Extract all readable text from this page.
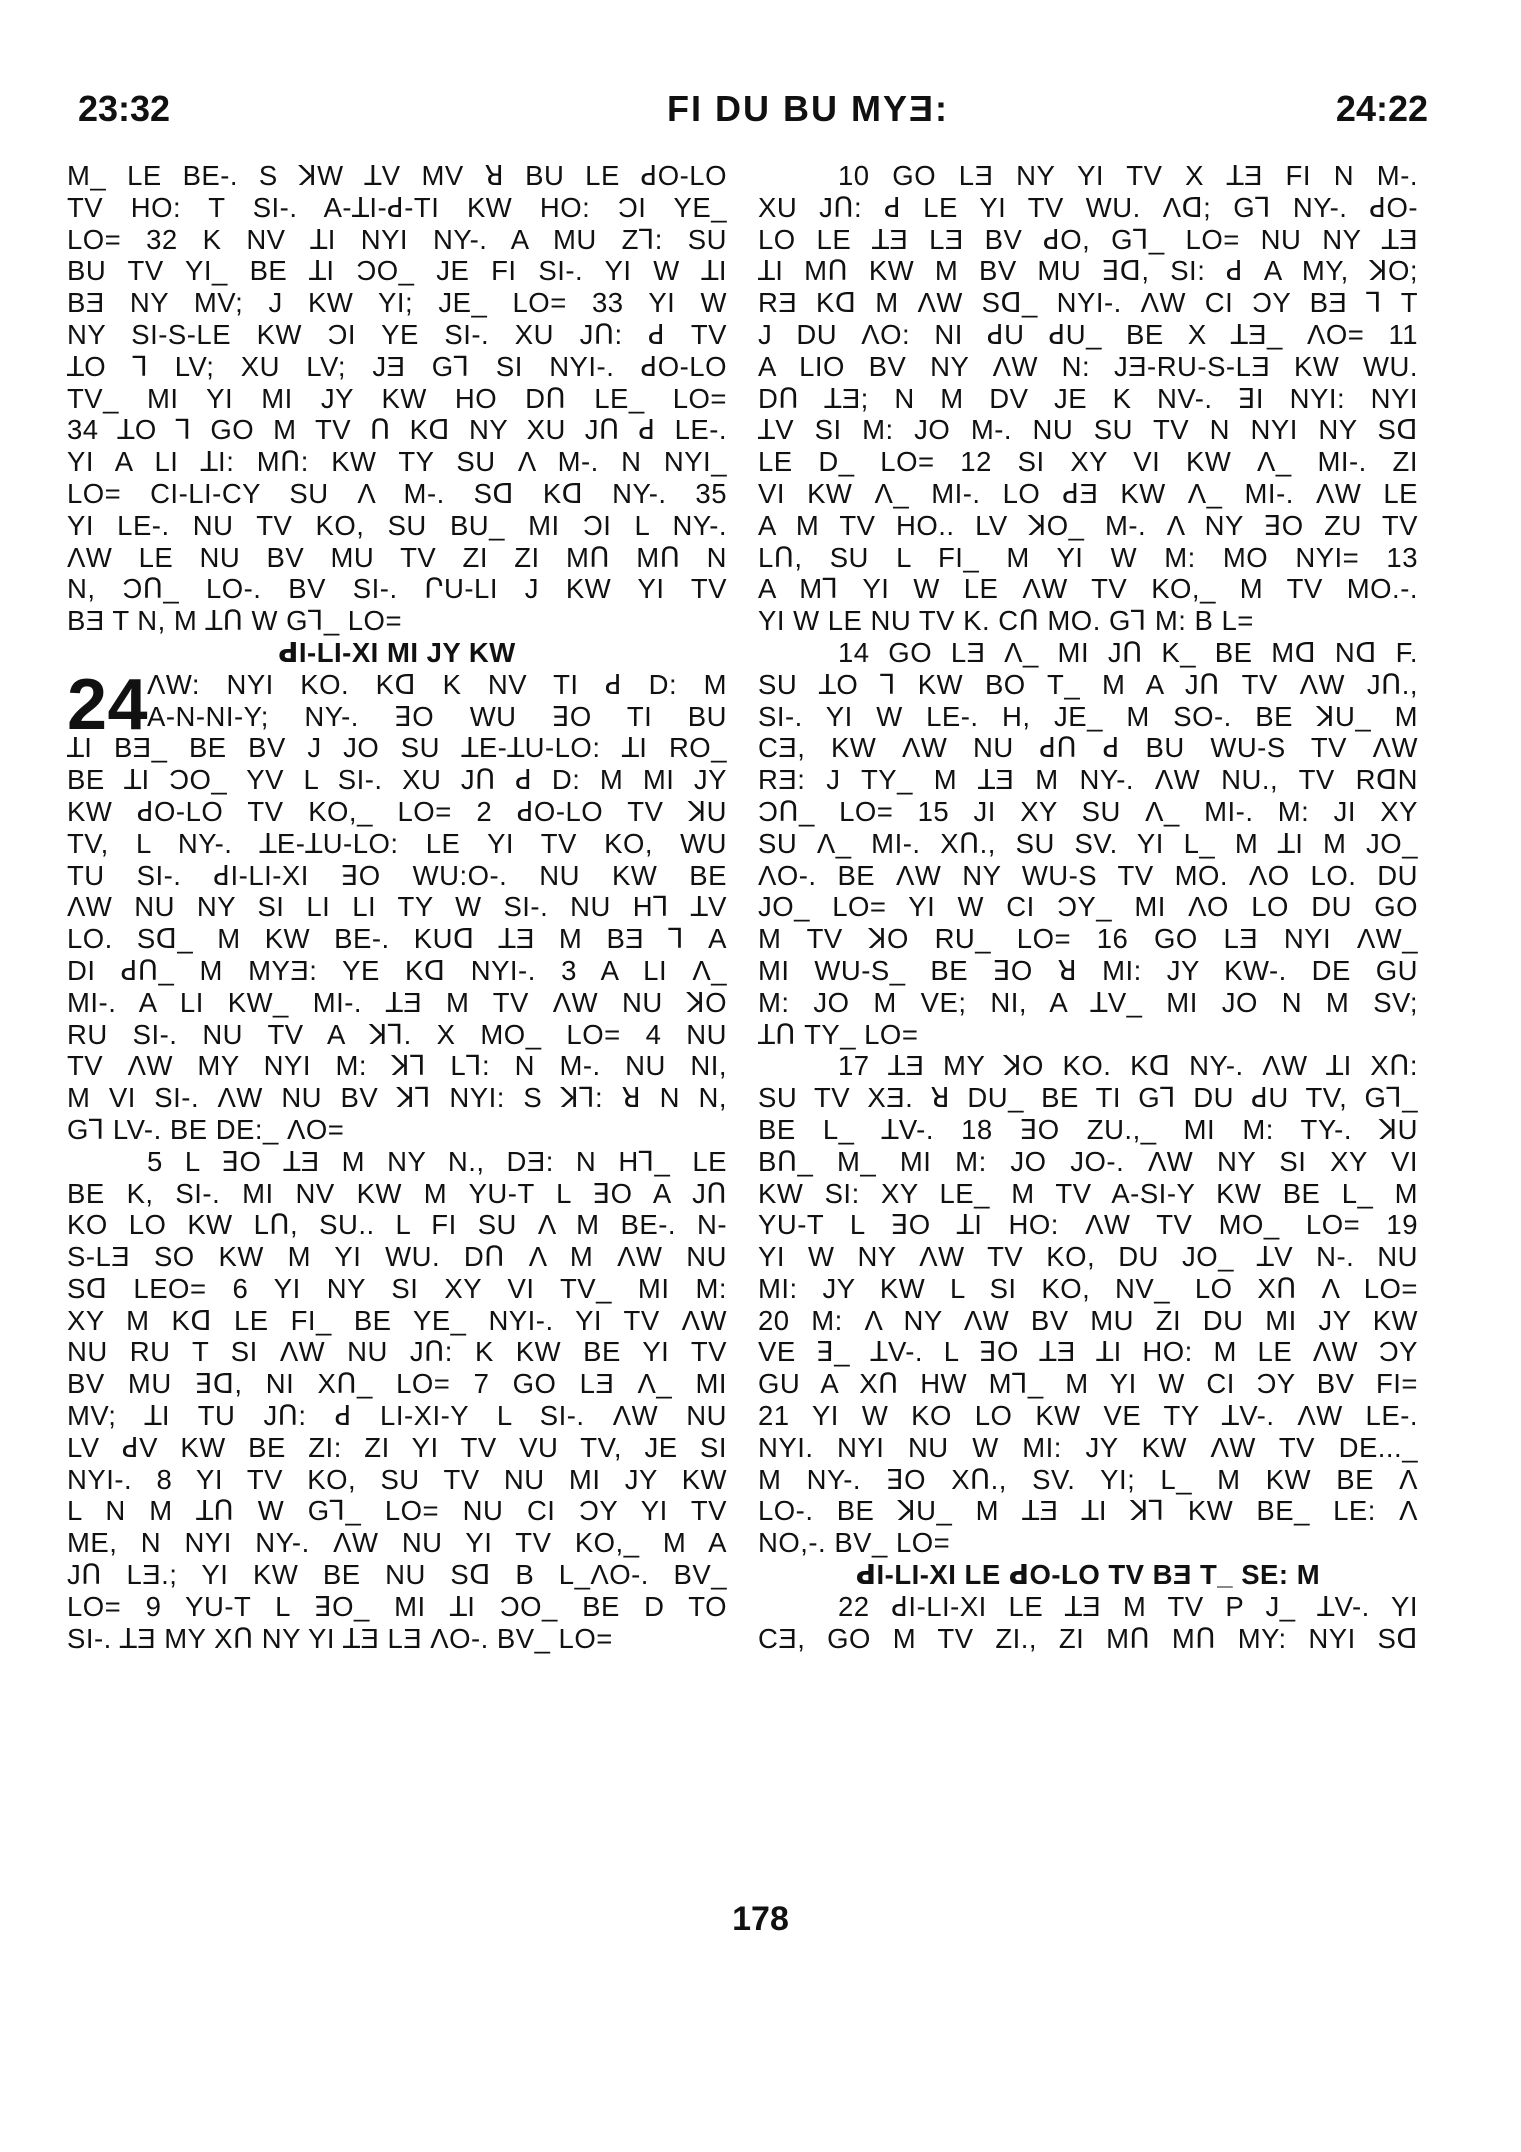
23:32	FI DU BU MYƎ:	24:22
M_ LE BE-. S ꓘW ꓕV MV ꓤ BU LE ꓒO-LO
TV HO: T SI-. A-ꓕI-ꓒ-TI KW HO: ƆI YE_
LO= 32 K NV ꓕI NYI NY-. A MU Zꓶ: SU
BU TV YI_ BE ꓕI ƆO_ JE FI SI-. YI W ꓕI
BƎ NY MV; J KW YI; JE_ LO= 33 YI W
NY SI-S-LE KW ƆI YE SI-. XU JՈ: ꓒ TV
ꓕO ꓶ LV; XU LV; JƎ Gꓶ SI NYI-. ꓒO-LO
TV_ MI YI MI JY KW HO DՈ LE_ LO=
34 ꓕO ꓶ GO M TV Ո Kꓷ NY XU JՈ ꓒ LE-.
YI A LI ꓕI: MՈ: KW TY SU Λ M-. N NYI_
LO= CI-LI-CY SU Λ M-. Sꓷ Kꓷ NY-. 35
YI LE-. NU TV KO, SU BU_ MI ƆI L NY-.
ΛW LE NU BV MU TV ZI ZI MՈ MՈ N
N, ƆՈ_ LO-. BV SI-. ՐU-LI J KW YI TV
BƎ T N, M ꓕՈ W Gꓶ_ LO=
ꓒI-LI-XI MI JY KW
24
ΛW: NYI KO. Kꓷ K NV TI ꓒ D: M
A-N-NI-Y; NY-. ꓱO WU ꓱO TI BU
ꓕI BƎ_ BE BV J JO SU ꓕE-ꓕU-LO: ꓕI RO_
BE ꓕI ƆO_ YV L SI-. XU JՈ ꓒ D: M MI JY
KW ꓒO-LO TV KO,_ LO= 2 ꓒO-LO TV ꓘU
TV, L NY-. ꓕE-ꓕU-LO: LE YI TV KO, WU
TU SI-. ꓒI-LI-XI ꓱO WU:O-. NU KW BE
ΛW NU NY SI LI LI TY W SI-. NU Hꓶ ꓕV
LO. Sꓷ_ M KW BE-. KUꓷ ꓕƎ M BƎ ꓶ A
DI ꓒՈ_ M MYƎ: YE Kꓷ NYI-. 3 A LI Λ_
MI-. A LI KW_ MI-. ꓕƎ M TV ΛW NU ꓘO
RU SI-. NU TV A ꓘꓶ. X MO_ LO= 4 NU
TV ΛW MY NYI M: ꓘꓶ Lꓶ: N M-. NU NI,
M VI SI-. ΛW NU BV ꓘꓶ NYI: S ꓘꓶ: ꓤ N N,
Gꓶ LV-. BE DE:_ ΛO=
5 L ꓱO ꓕƎ M NY N., DƎ: N Hꓶ_ LE
BE K, SI-. MI NV KW M YU-T L ꓱO A JՈ
KO LO KW LՈ, SU.. L FI SU Λ M BE-. N-
S-LƎ SO KW M YI WU. DՈ Λ M ΛW NU
Sꓷ LEO= 6 YI NY SI XY VI TV_ MI M:
XY M Kꓷ LE FI_ BE YE_ NYI-. YI TV ΛW
NU RU T SI ΛW NU JՈ: K KW BE YI TV
BV MU ꓱꓷ, NI XՈ_ LO= 7 GO LƎ Λ_ MI
MV; ꓕI TU JՈ: ꓒ LI-XI-Y L SI-. ΛW NU
LV ꓒV KW BE ZI: ZI YI TV VU TV, JE SI
NYI-. 8 YI TV KO, SU TV NU MI JY KW
L N M ꓕՈ W Gꓶ_ LO= NU CI ƆY YI TV
ME, N NYI NY-. ΛW NU YI TV KO,_ M A
JՈ LƎ.; YI KW BE NU Sꓷ B L_ΛO-. BV_
LO= 9 YU-T L ꓱO_ MI ꓕI ƆO_ BE D TO
SI-. ꓕƎ MY XՈ NY YI ꓕƎ LƎ ΛO-. BV_ LO=
10 GO LƎ NY YI TV X ꓕƎ FI N M-.
XU JՈ: ꓒ LE YI TV WU. Λꓷ; Gꓶ NY-. ꓒO-
LO LE ꓕƎ LƎ BV ꓒO, Gꓶ_ LO= NU NY ꓕƎ
ꓕI MՈ KW M BV MU ꓱꓷ, SI: ꓒ A MY, ꓘO;
RƎ Kꓷ M ΛW Sꓷ_ NYI-. ΛW CI ƆY BƎ ꓶ T
J DU ΛO: NI ꓒU ꓒU_ BE X ꓕƎ_ ΛO= 11
A LIO BV NY ΛW N: JƎ-RU-S-LƎ KW WU.
DՈ ꓕƎ; N M DV JE K NV-. ꓱI NYI: NYI
ꓕV SI M: JO M-. NU SU TV N NYI NY Sꓷ
LE D_ LO= 12 SI XY VI KW Λ_ MI-. ZI
VI KW Λ_ MI-. LO ꓒƎ KW Λ_ MI-. ΛW LE
A M TV HO.. LV ꓘO_ M-. Λ NY ꓱO ZU TV
LՈ, SU L FI_ M YI W M: MO NYI= 13
A Mꓶ YI W LE ΛW TV KO,_ M TV MO.-.
YI W LE NU TV K. CՈ MO. Gꓶ M: B L=
14 GO LƎ Λ_ MI JՈ K_ BE Mꓷ Nꓷ F.
SU ꓕO ꓶ KW BO T_ M A JՈ TV ΛW JՈ.,
SI-. YI W LE-. H, JE_ M SO-. BE ꓘU_ M
CƎ, KW ΛW NU ꓒՈ ꓒ BU WU-S TV ΛW
RƎ: J TY_ M ꓕƎ M NY-. ΛW NU., TV RꓷN
ƆՈ_ LO= 15 JI XY SU Λ_ MI-. M: JI XY
SU Λ_ MI-. XՈ., SU SV. YI L_ M ꓕI M JO_
ΛO-. BE ΛW NY WU-S TV MO. ΛO LO. DU
JO_ LO= YI W CI ƆY_ MI ΛO LO DU GO
M TV ꓘO RU_ LO= 16 GO LƎ NYI ΛW_
MI WU-S_ BE ꓱO ꓤ MI: JY KW-. DE GU
M: JO M VE; NI, A ꓕV_ MI JO N M SV;
ꓕՈ TY_ LO=
17 ꓕƎ MY ꓘO KO. Kꓷ NY-. ΛW ꓕI XՈ:
SU TV XƎ. ꓤ DU_ BE TI Gꓶ DU ꓒU TV, Gꓶ_
BE L_ ꓕV-. 18 ꓱO ZU.,_ MI M: TY-. ꓘU
BՈ_ M_ MI M: JO JO-. ΛW NY SI XY VI
KW SI: XY LE_ M TV A-SI-Y KW BE L_ M
YU-T L ꓱO ꓕI HO: ΛW TV MO_ LO= 19
YI W NY ΛW TV KO, DU JO_ ꓕV N-. NU
MI: JY KW L SI KO, NV_ LO XՈ Λ LO=
20 M: Λ NY ΛW BV MU ZI DU MI JY KW
VE ꓱ_ ꓕV-. L ꓱO ꓕƎ ꓕI HO: M LE ΛW ƆY
GU A XՈ HW Mꓶ_ M YI W CI ƆY BV FI=
21 YI W KO LO KW VE TY ꓕV-. ΛW LE-.
NYI. NYI NU W MI: JY KW ΛW TV DE..._
M NY-. ꓱO XՈ., SV. YI; L_ M KW BE Λ
LO-. BE ꓘU_ M ꓕƎ ꓕI ꓘꓶ KW BE_ LE: Λ
NO,-. BV_ LO=
ꓒI-LI-XI LE ꓒO-LO TV BƎ T_ SE: M
22 ꓒI-LI-XI LE ꓕƎ M TV P J_ ꓕV-. YI
CƎ, GO M TV ZI., ZI MՈ MՈ MY: NYI Sꓷ
178
